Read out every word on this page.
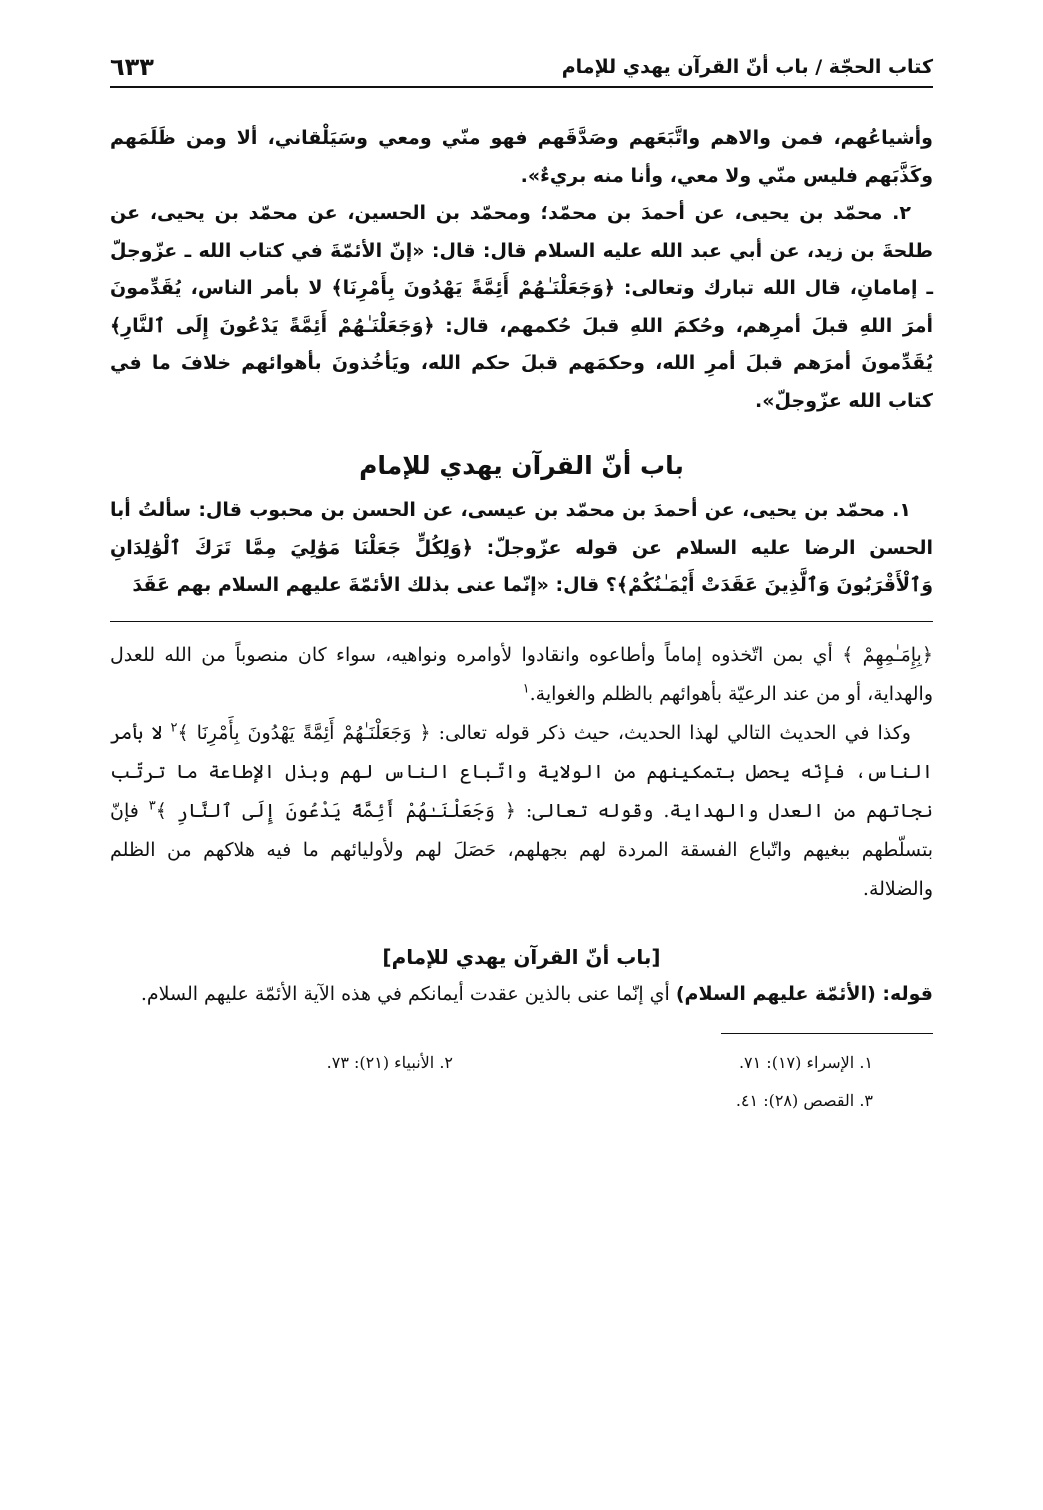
كتاب الحجّة / باب أنّ القرآن يهدي للإمام
٦٣٣

وأشياعُهم، فمن والاهم واتَّبَعَهم وصَدَّقَهم فهو منّي ومعي وسَيَلْقاني، ألا ومن ظَلَمَهم وكَذَّبَهم فليس منّي ولا معي، وأنا منه بريءٌ».

٢. محمّد بن يحيى، عن أحمدَ بن محمّد؛ ومحمّد بن الحسين، عن محمّد بن يحيى، عن طلحةَ بن زيد، عن أبي عبد الله‏ عليه السلام قال: قال: «إنّ الأئمّةَ في كتاب الله ـ عزّوجلّ ـ إمامانِ، قال الله تبارك وتعالى: ﴿وَجَعَلْنَـٰهُمْ أَئِمَّةً يَهْدُونَ بِأَمْرِنَا﴾ لا بأمر الناس، يُقَدِّمونَ أمرَ اللهِ قبلَ أمرِهم، وحُكمَ اللهِ قبلَ حُكمهم، قال: ﴿وَجَعَلْنَـٰهُمْ أَئِمَّةً يَدْعُونَ إِلَى ٱلنَّارِ﴾ يُقَدِّمونَ أمرَهم قبلَ أمرِ الله، وحكمَهم قبلَ حكم الله، ويَأخُذونَ بأهوائهم خلافَ ما في كتاب الله عزّوجلّ».

باب أنّ القرآن يهدي للإمام

١. محمّد بن يحيى، عن أحمدَ بن محمّد بن عيسى، عن الحسن بن محبوب قال: سألتُ أبا الحسن الرضا عليه السلام عن قوله عزّوجلّ: ﴿وَلِكُلٍّ جَعَلْنَا مَوَٰلِيَ مِمَّا تَرَكَ ٱلْوَٰلِدَانِ وَٱلْأَقْرَبُونَ وَٱلَّذِينَ عَقَدَتْ أَيْمَـٰنُكُمْ﴾؟ قال: «إنّما عنى بذلك الأئمّةَ عليهم السلام بهم عَقَدَ

﴿بِإِمَـٰمِهِمْ ﴾ أي بمن اتّخذوه إماماً وأطاعوه وانقادوا لأوامره ونواهيه، سواء كان منصوباً من الله للعدل والهداية، أو من عند الرعيّة بأهوائهم بالظلم والغواية.$^١$

وكذا في الحديث التالي لهذا الحديث، حيث ذكر قوله تعالى: ﴿ وَجَعَلْنَـٰهُمْ أَئِمَّةً يَهْدُونَ بِأَمْرِنَا ﴾$^٢$ لا بأمر الناس، فإنّه يحصل بتمكينهم من الولاية واتّباع الناس لهم وبذل الإطاعة ما ترتّب نجاتهم من العدل والهداية. وقوله تعالى: ﴿ وَجَعَلْنَـٰهُمْ أَئِمَّةً يَدْعُونَ إِلَى ٱلنَّارِ ﴾$^٣$ فإنّ بتسلّطهم ببغيهم واتّباع الفسقة المردة لهم بجهلهم، حَصَلَ لهم ولأوليائهم ما فيه هلاكهم من الظلم والضلالة.

[باب أنّ القرآن يهدي للإمام]
قوله: (الأئمّة عليهم السلام) أي إنّما عنى بالذين عقدت أيمانكم في هذه الآية الأئمّة عليهم السلام.
١. الإسراء (١٧): ٧١.
٢. الأنبياء (٢١): ٧٣.
٣. القصص (٢٨): ٤١.
